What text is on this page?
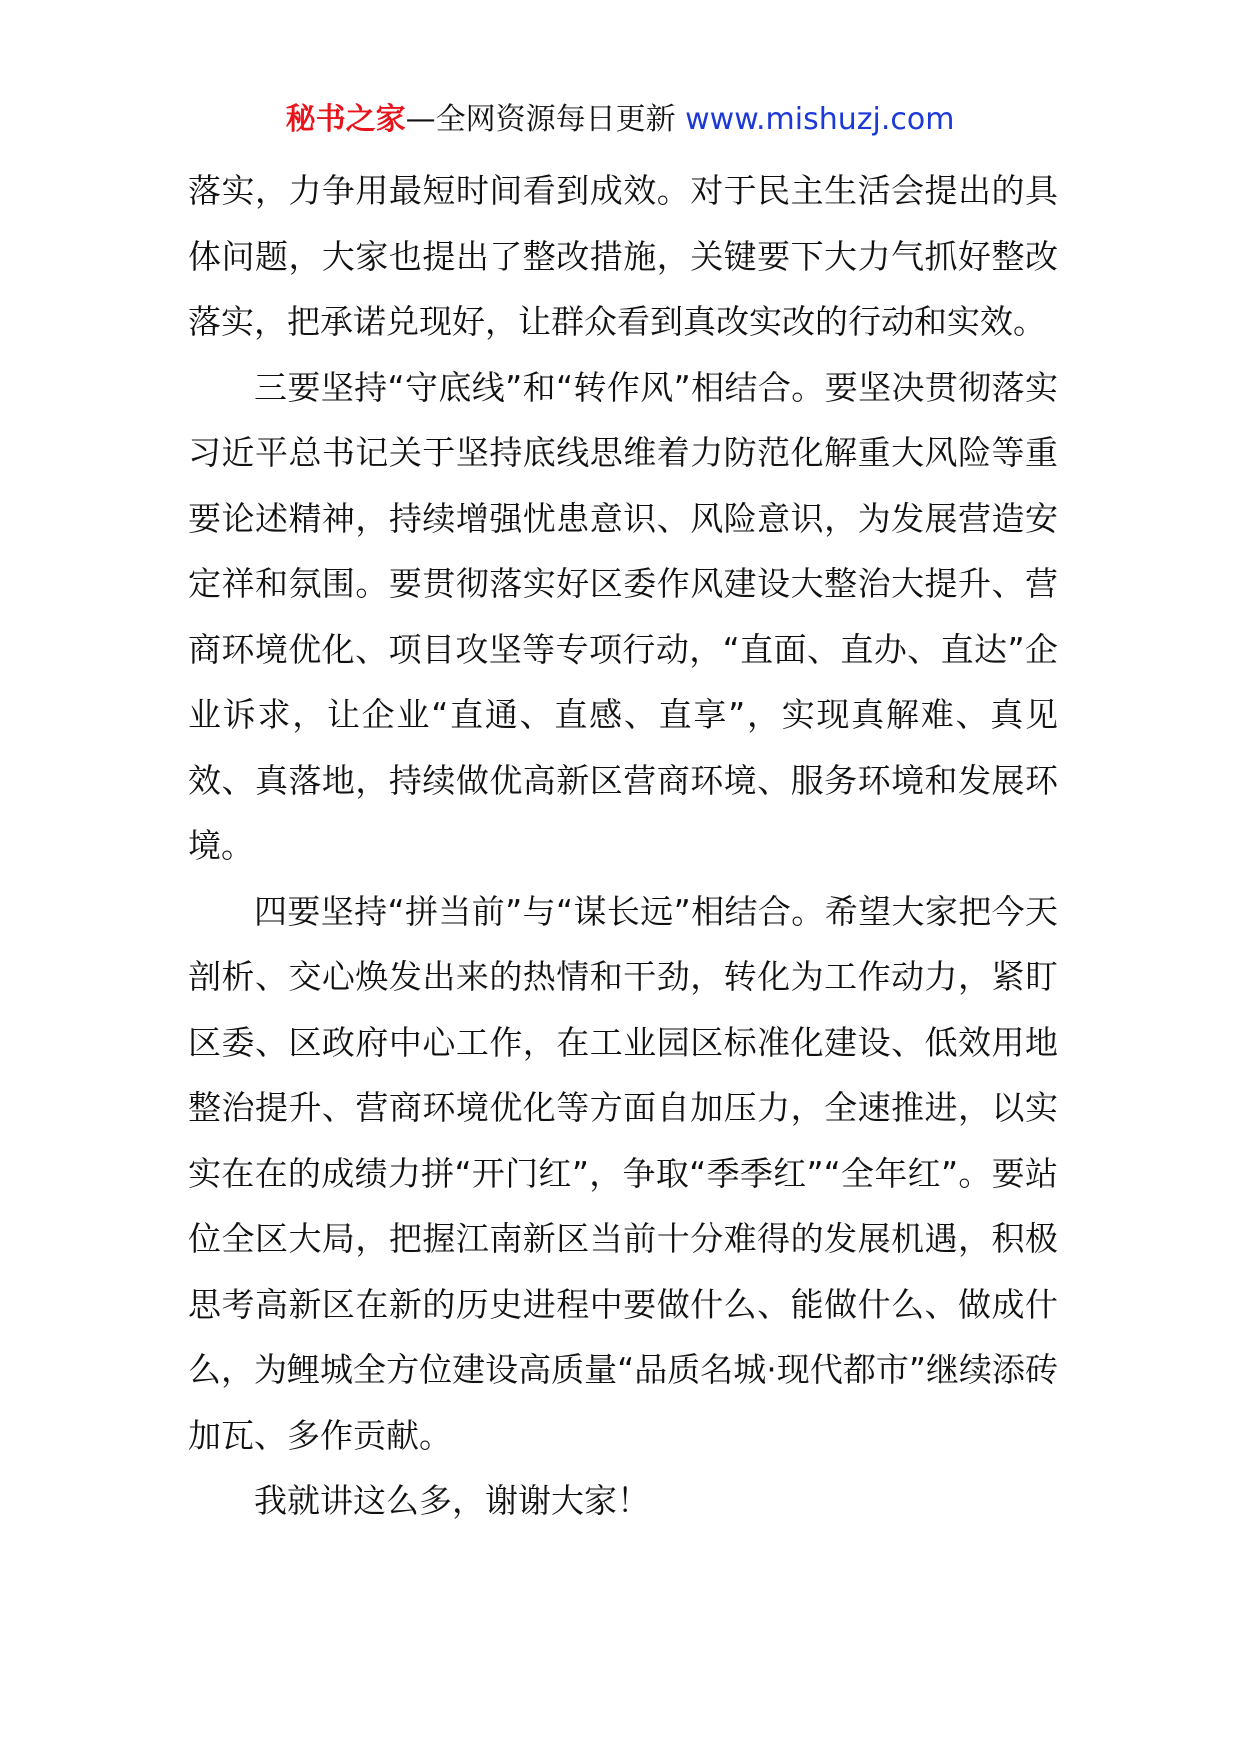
秘书之家—全网资源每日更新 www.mishuzj.com

落实，力争用最短时间看到成效。对于民主生活会提出的具体问题，大家也提出了整改措施，关键要下大力气抓好整改落实，把承诺兑现好，让群众看到真改实改的行动和实效。

三要坚持“守底线”和“转作风”相结合。要坚决贯彻落实习近平总书记关于坚持底线思维着力防范化解重大风险等重要论述精神，持续增强忧患意识、风险意识，为发展营造安定祥和氛围。要贯彻落实好区委作风建设大整治大提升、营商环境优化、项目攻坚等专项行动，“直面、直办、直达”企业诉求，让企业“直通、直感、直享”，实现真解难、真见效、真落地，持续做优高新区营商环境、服务环境和发展环境。

四要坚持“拼当前”与“谋长远”相结合。希望大家把今天剖析、交心焕发出来的热情和干劲，转化为工作动力，紧盯区委、区政府中心工作，在工业园区标准化建设、低效用地整治提升、营商环境优化等方面自加压力，全速推进，以实实在在的成绩力拼“开门红”，争取“季季红”“全年红”。要站位全区大局，把握江南新区当前十分难得的发展机遇，积极思考高新区在新的历史进程中要做什么、能做什么、做成什么，为鲤城全方位建设高质量“品质名城·现代都市”继续添砖加瓦、多作贡献。

我就讲这么多，谢谢大家！
